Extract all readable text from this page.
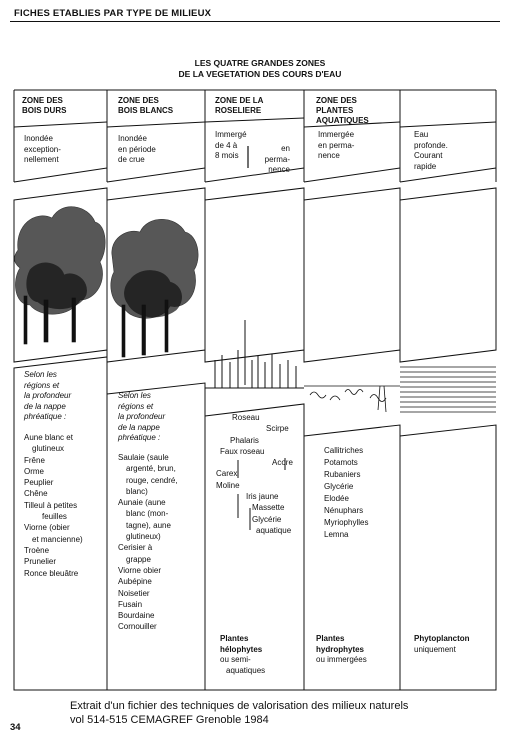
FICHES ETABLIES PAR TYPE DE MILIEUX
LES QUATRE GRANDES ZONES
DE LA VEGETATION DES COURS D'EAU
ZONE DES
BOIS DURS
Inondée
exception-
nellement
Selon les
régions et
la profondeur
de la nappe
phréatique :
Aune blanc et
glutineux
Frêne
Orme
Peuplier
Chêne
Tilleul à petites
feuilles
Viorne (obier
et mancienne)
Troène
Prunelier
Ronce bleuâtre
ZONE DES
BOIS BLANCS
Inondée
en période
de crue
Selon les
régions et
la profondeur
de la nappe
phréatique :
Saulaie (saule
argenté, brun,
rouge, cendré,
blanc)
Aunaie (aune
blanc (mon-
tagne), aune
glutineux)
Cerisier à
grappe
Viorne obier
Aubépine
Noisetier
Fusain
Bourdaine
Cornouiller
ZONE DE LA
ROSELIERE
Immergé
de 4 à
8 mois
en
perma-
nence
Roseau
Scirpe
Phalaris
Faux roseau
Acore
Carex
Moline
Iris jaune
Massette
Glycérie
aquatique
Plantes
hélophytes
ou semi-
aquatiques
ZONE DES
PLANTES
AQUATIQUES
Immergée
en perma-
nence
Callitriches
Potamots
Rubaniers
Glycérie
Elodée
Nénuphars
Myriophylles
Lemna
Plantes
hydrophytes
ou immergées
Eau
profonde.
Courant
rapide
Phytoplancton
uniquement
Extrait d'un fichier des techniques de valorisation des milieux naturels
vol 514-515 CEMAGREF Grenoble 1984
34
